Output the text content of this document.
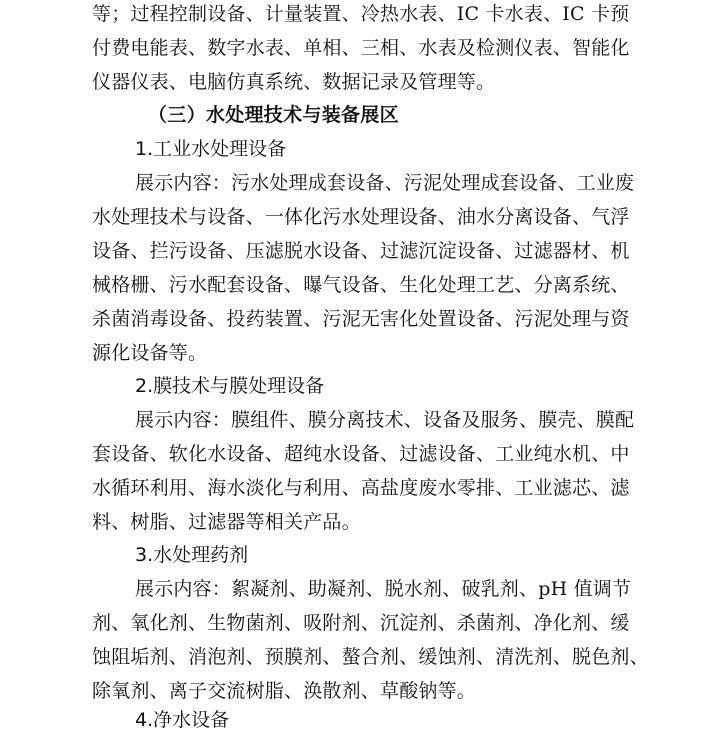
等；过程控制设备、计量装置、冷热水表、IC 卡水表、IC 卡预
付费电能表、数字水表、单相、三相、水表及检测仪表、智能化
仪器仪表、电脑仿真系统、数据记录及管理等。
（三）水处理技术与装备展区
1.工业水处理设备
展示内容：污水处理成套设备、污泥处理成套设备、工业废
水处理技术与设备、一体化污水处理设备、油水分离设备、气浮
设备、拦污设备、压滤脱水设备、过滤沉淀设备、过滤器材、机
械格栅、污水配套设备、曝气设备、生化处理工艺、分离系统、
杀菌消毒设备、投药装置、污泥无害化处置设备、污泥处理与资
源化设备等。
2.膜技术与膜处理设备
展示内容：膜组件、膜分离技术、设备及服务、膜壳、膜配
套设备、软化水设备、超纯水设备、过滤设备、工业纯水机、中
水循环利用、海水淡化与利用、高盐度废水零排、工业滤芯、滤
料、树脂、过滤器等相关产品。
3.水处理药剂
展示内容：絮凝剂、助凝剂、脱水剂、破乳剂、pH 值调节
剂、氧化剂、生物菌剂、吸附剂、沉淀剂、杀菌剂、净化剂、缓
蚀阻垢剂、消泡剂、预膜剂、螯合剂、缓蚀剂、清洗剂、脱色剂、
除氧剂、离子交流树脂、涣散剂、草酸钠等。
4.净水设备
